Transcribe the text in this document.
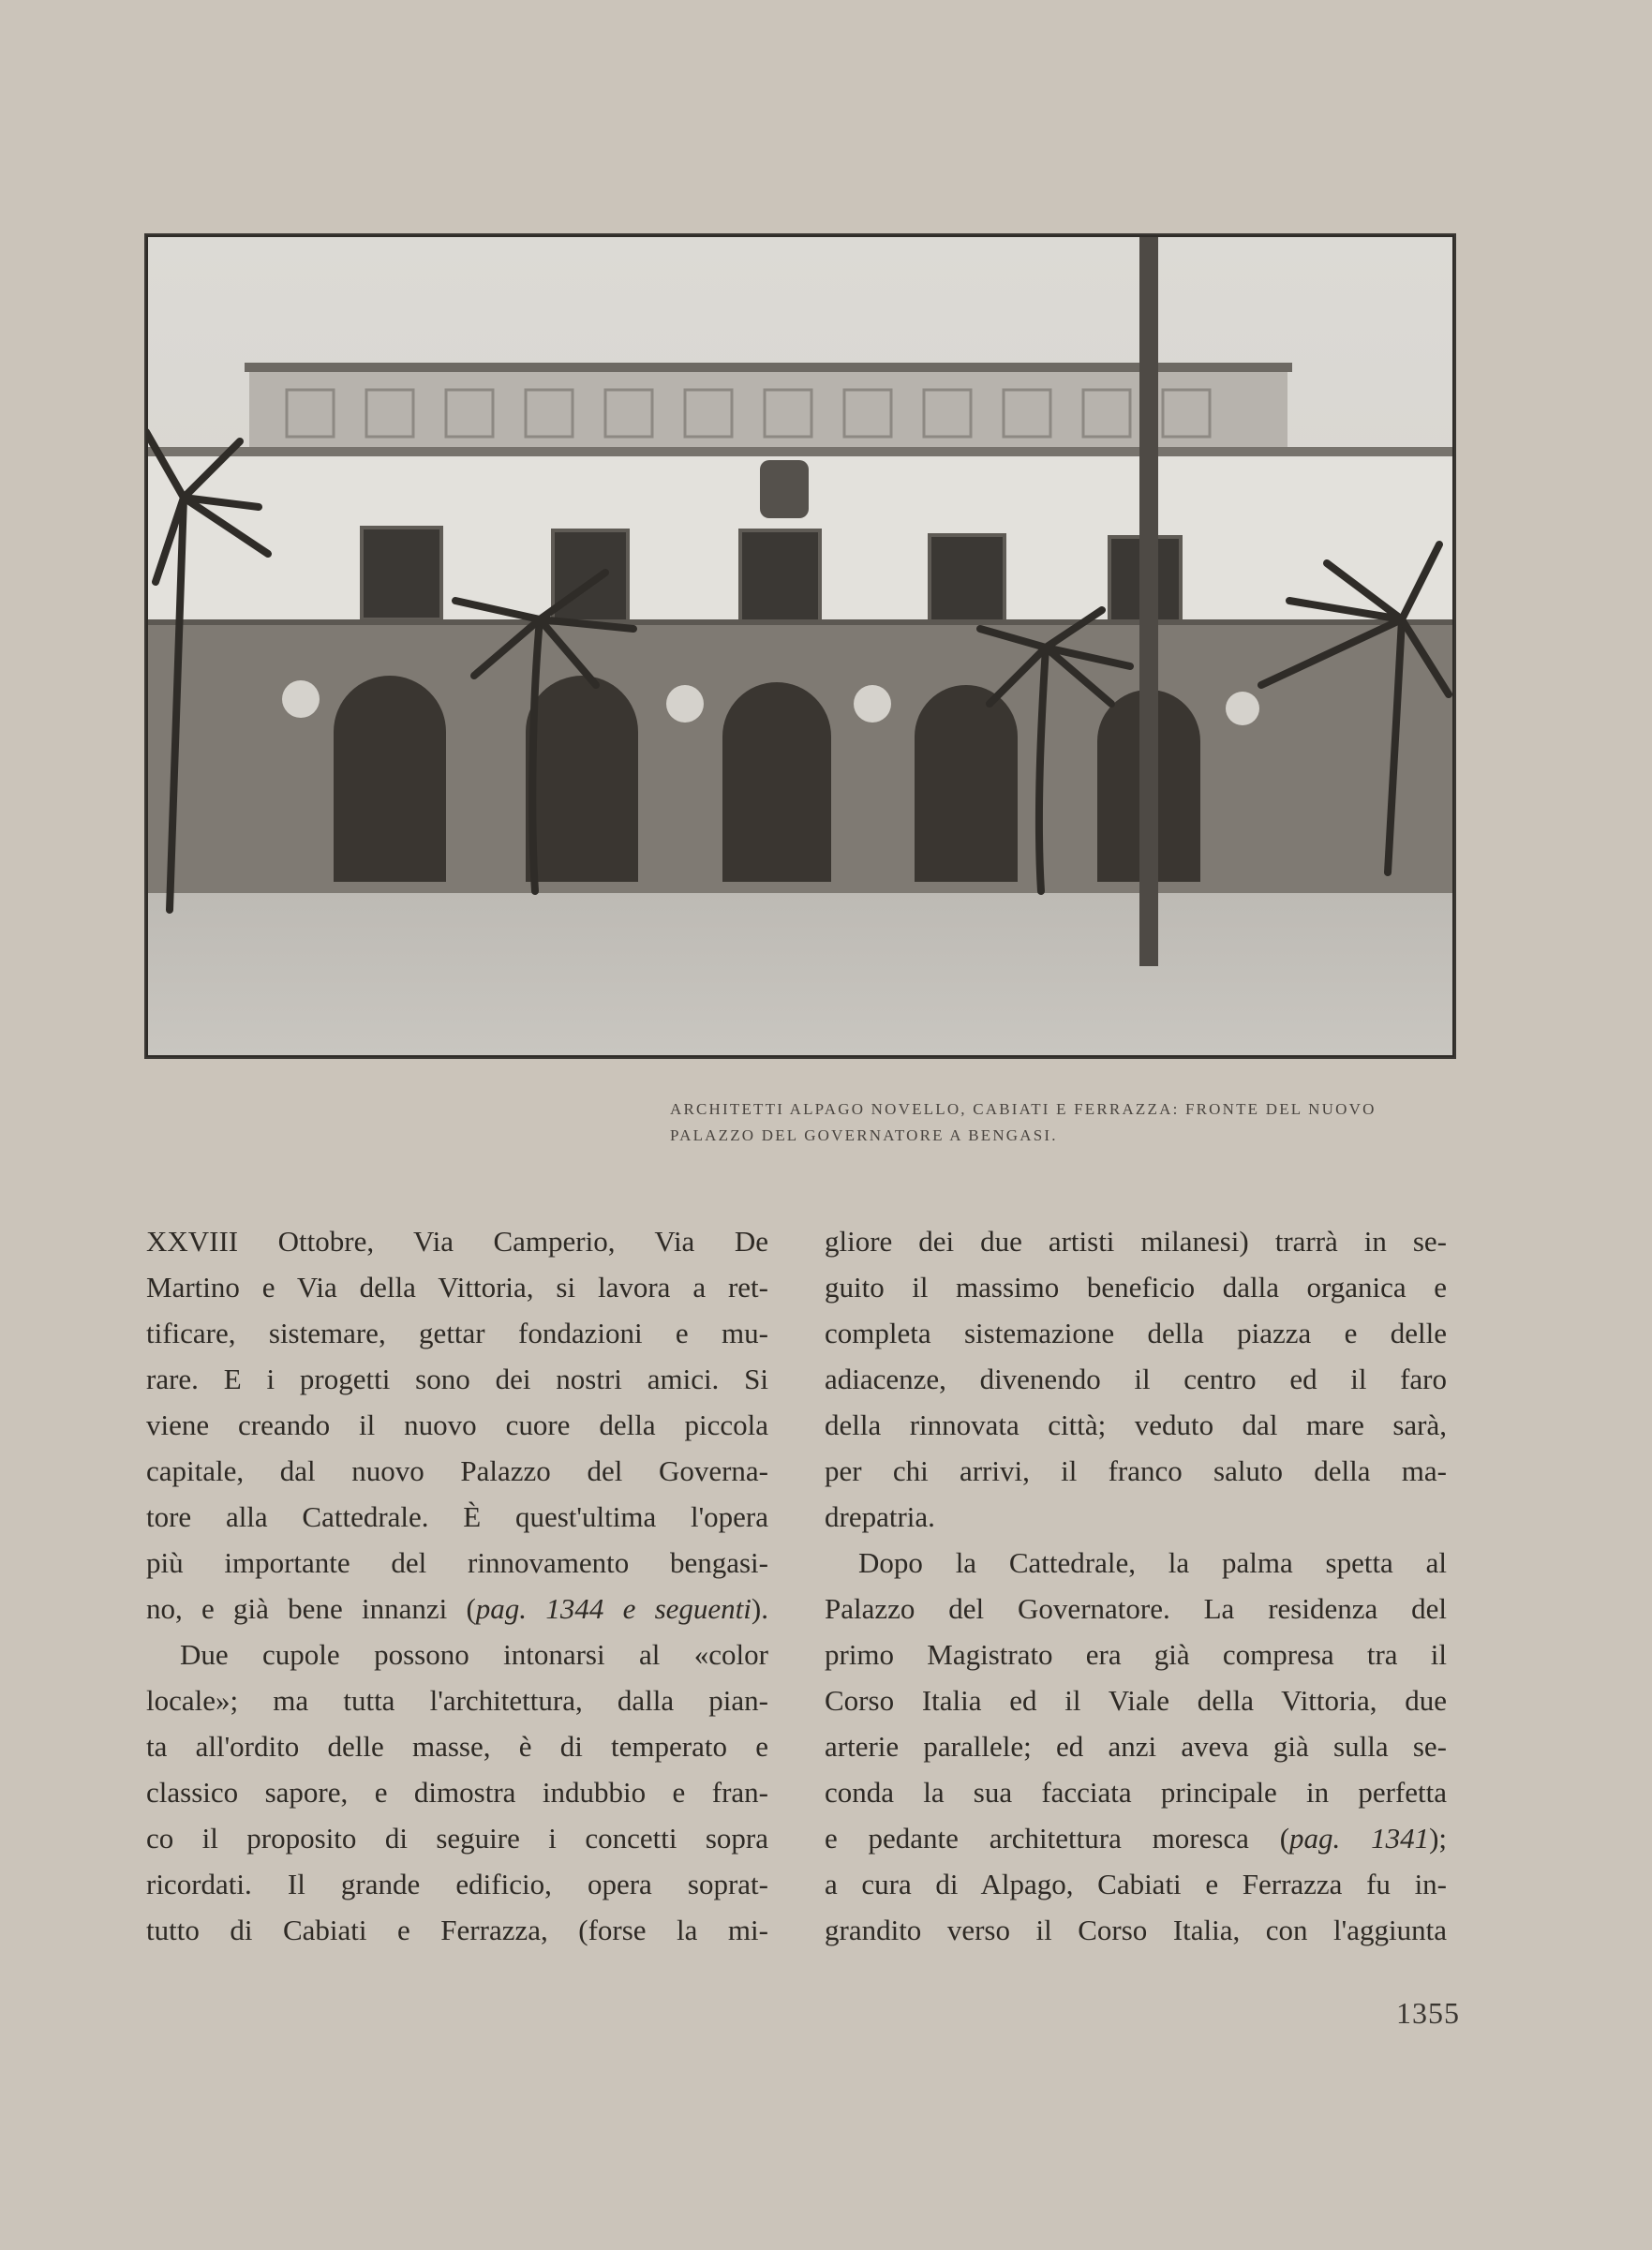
ARCHITETTI ALPAGO NOVELLO, CABIATI E FERRAZZA: FRONTE DEL NUOVO
PALAZZO DEL GOVERNATORE A BENGASI.
XXVIII Ottobre, Via Camperio, Via De
Martino e Via della Vittoria, si lavora a ret-
tificare, sistemare, gettar fondazioni e mu-
rare. E i progetti sono dei nostri amici. Si
viene creando il nuovo cuore della piccola
capitale, dal nuovo Palazzo del Governa-
tore alla Cattedrale. È quest'ultima l'opera
più importante del rinnovamento bengasi-
no, e già bene innanzi (pag. 1344 e seguenti).
Due cupole possono intonarsi al «color
locale»; ma tutta l'architettura, dalla pian-
ta all'ordito delle masse, è di temperato e
classico sapore, e dimostra indubbio e fran-
co il proposito di seguire i concetti sopra
ricordati. Il grande edificio, opera soprat-
tutto di Cabiati e Ferrazza, (forse la mi-
gliore dei due artisti milanesi) trarrà in se-
guito il massimo beneficio dalla organica e
completa sistemazione della piazza e delle
adiacenze, divenendo il centro ed il faro
della rinnovata città; veduto dal mare sarà,
per chi arrivi, il franco saluto della ma-
drepatria.
Dopo la Cattedrale, la palma spetta al
Palazzo del Governatore. La residenza del
primo Magistrato era già compresa tra il
Corso Italia ed il Viale della Vittoria, due
arterie parallele; ed anzi aveva già sulla se-
conda la sua facciata principale in perfetta
e pedante architettura moresca (pag. 1341);
a cura di Alpago, Cabiati e Ferrazza fu in-
grandito verso il Corso Italia, con l'aggiunta
1355
